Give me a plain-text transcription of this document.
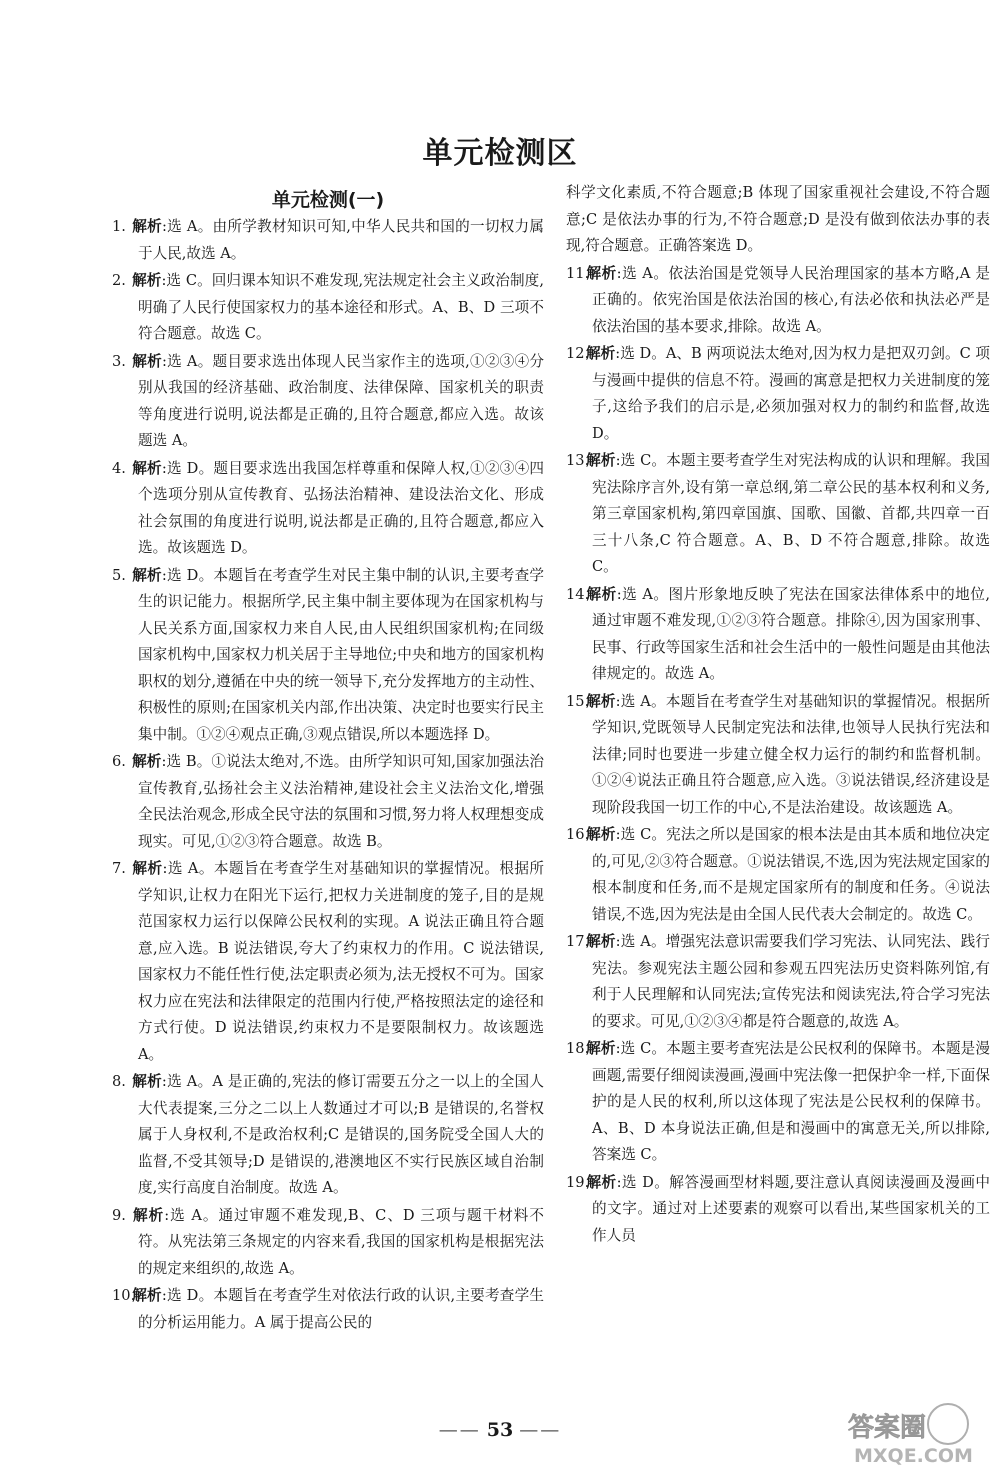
单元检测区
单元检测(一)
1. 解析:选 A。由所学教材知识可知,中华人民共和国的一切权力属于人民,故选 A。
2. 解析:选 C。回归课本知识不难发现,宪法规定社会主义政治制度,明确了人民行使国家权力的基本途径和形式。A、B、D 三项不符合题意。故选 C。
3. 解析:选 A。题目要求选出体现人民当家作主的选项,①②③④分别从我国的经济基础、政治制度、法律保障、国家机关的职责等角度进行说明,说法都是正确的,且符合题意,都应入选。故该题选 A。
4. 解析:选 D。题目要求选出我国怎样尊重和保障人权,①②③④四个选项分别从宣传教育、弘扬法治精神、建设法治文化、形成社会氛围的角度进行说明,说法都是正确的,且符合题意,都应入选。故该题选 D。
5. 解析:选 D。本题旨在考查学生对民主集中制的认识,主要考查学生的识记能力。根据所学,民主集中制主要体现为在国家机构与人民关系方面,国家权力来自人民,由人民组织国家机构;在同级国家机构中,国家权力机关居于主导地位;中央和地方的国家机构职权的划分,遵循在中央的统一领导下,充分发挥地方的主动性、积极性的原则;在国家机关内部,作出决策、决定时也要实行民主集中制。①②④观点正确,③观点错误,所以本题选择 D。
6. 解析:选 B。①说法太绝对,不选。由所学知识可知,国家加强法治宣传教育,弘扬社会主义法治精神,建设社会主义法治文化,增强全民法治观念,形成全民守法的氛围和习惯,努力将人权理想变成现实。可见,①②③符合题意。故选 B。
7. 解析:选 A。本题旨在考查学生对基础知识的掌握情况。根据所学知识,让权力在阳光下运行,把权力关进制度的笼子,目的是规范国家权力运行以保障公民权利的实现。A 说法正确且符合题意,应入选。B 说法错误,夸大了约束权力的作用。C 说法错误,国家权力不能任性行使,法定职责必须为,法无授权不可为。国家权力应在宪法和法律限定的范围内行使,严格按照法定的途径和方式行使。D 说法错误,约束权力不是要限制权力。故该题选 A。
8. 解析:选 A。A 是正确的,宪法的修订需要五分之一以上的全国人大代表提案,三分之二以上人数通过才可以;B 是错误的,名誉权属于人身权利,不是政治权利;C 是错误的,国务院受全国人大的监督,不受其领导;D 是错误的,港澳地区不实行民族区域自治制度,实行高度自治制度。故选 A。
9. 解析:选 A。通过审题不难发现,B、C、D 三项与题干材料不符。从宪法第三条规定的内容来看,我国的国家机构是根据宪法的规定来组织的,故选 A。
10.解析:选 D。本题旨在考查学生对依法行政的认识,主要考查学生的分析运用能力。A 属于提高公民的
科学文化素质,不符合题意;B 体现了国家重视社会建设,不符合题意;C 是依法办事的行为,不符合题意;D 是没有做到依法办事的表现,符合题意。正确答案选 D。
11.解析:选 A。依法治国是党领导人民治理国家的基本方略,A 是正确的。依宪治国是依法治国的核心,有法必依和执法必严是依法治国的基本要求,排除。故选 A。
12.解析:选 D。A、B 两项说法太绝对,因为权力是把双刃剑。C 项与漫画中提供的信息不符。漫画的寓意是把权力关进制度的笼子,这给予我们的启示是,必须加强对权力的制约和监督,故选 D。
13.解析:选 C。本题主要考查学生对宪法构成的认识和理解。我国宪法除序言外,设有第一章总纲,第二章公民的基本权利和义务,第三章国家机构,第四章国旗、国歌、国徽、首都,共四章一百三十八条,C 符合题意。A、B、D 不符合题意,排除。故选 C。
14.解析:选 A。图片形象地反映了宪法在国家法律体系中的地位,通过审题不难发现,①②③符合题意。排除④,因为国家刑事、民事、行政等国家生活和社会生活中的一般性问题是由其他法律规定的。故选 A。
15.解析:选 A。本题旨在考查学生对基础知识的掌握情况。根据所学知识,党既领导人民制定宪法和法律,也领导人民执行宪法和法律;同时也要进一步建立健全权力运行的制约和监督机制。①②④说法正确且符合题意,应入选。③说法错误,经济建设是现阶段我国一切工作的中心,不是法治建设。故该题选 A。
16.解析:选 C。宪法之所以是国家的根本法是由其本质和地位决定的,可见,②③符合题意。①说法错误,不选,因为宪法规定国家的根本制度和任务,而不是规定国家所有的制度和任务。④说法错误,不选,因为宪法是由全国人民代表大会制定的。故选 C。
17.解析:选 A。增强宪法意识需要我们学习宪法、认同宪法、践行宪法。参观宪法主题公园和参观五四宪法历史资料陈列馆,有利于人民理解和认同宪法;宣传宪法和阅读宪法,符合学习宪法的要求。可见,①②③④都是符合题意的,故选 A。
18.解析:选 C。本题主要考查宪法是公民权利的保障书。本题是漫画题,需要仔细阅读漫画,漫画中宪法像一把保护伞一样,下面保护的是人民的权利,所以这体现了宪法是公民权利的保障书。A、B、D 本身说法正确,但是和漫画中的寓意无关,所以排除,答案选 C。
19.解析:选 D。解答漫画型材料题,要注意认真阅读漫画及漫画中的文字。通过对上述要素的观察可以看出,某些国家机关的工作人员
—— 53 ——	答案圈
MXQE.COM
